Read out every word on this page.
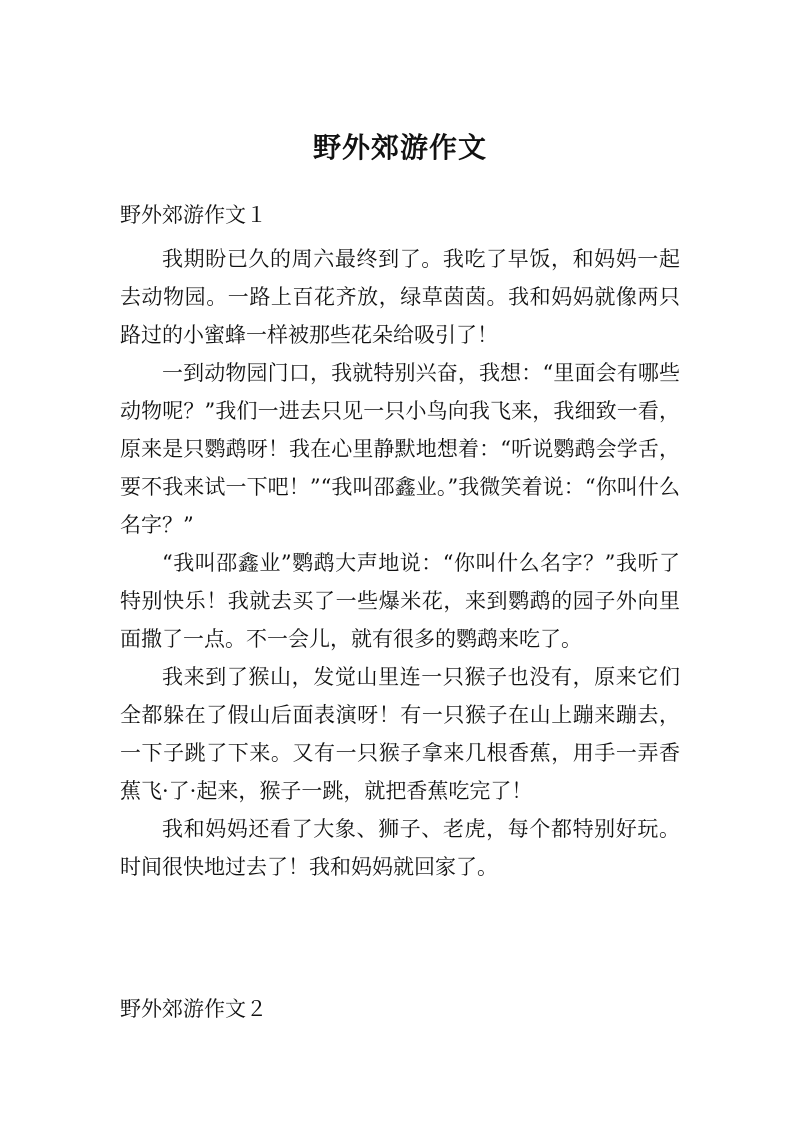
野外郊游作文
野外郊游作文１

我期盼已久的周六最终到了。我吃了早饭，和妈妈一起去动物园。一路上百花齐放，绿草茵茵。我和妈妈就像两只路过的小蜜蜂一样被那些花朵给吸引了！

一到动物园门口，我就特别兴奋，我想：“里面会有哪些动物呢？”我们一进去只见一只小鸟向我飞来，我细致一看，原来是只鹦鹉呀！我在心里静默地想着：“听说鹦鹉会学舌，要不我来试一下吧！”“我叫邵鑫业。”我微笑着说：“你叫什么名字？”

“我叫邵鑫业”鹦鹉大声地说：“你叫什么名字？”我听了特别快乐！我就去买了一些爆米花，来到鹦鹉的园子外向里面撒了一点。不一会儿，就有很多的鹦鹉来吃了。

我来到了猴山，发觉山里连一只猴子也没有，原来它们全都躲在了假山后面表演呀！有一只猴子在山上蹦来蹦去，一下子跳了下来。又有一只猴子拿来几根香蕉，用手一弄香蕉飞·了·起来，猴子一跳，就把香蕉吃完了！

我和妈妈还看了大象、狮子、老虎，每个都特别好玩。时间很快地过去了！我和妈妈就回家了。

野外郊游作文２
